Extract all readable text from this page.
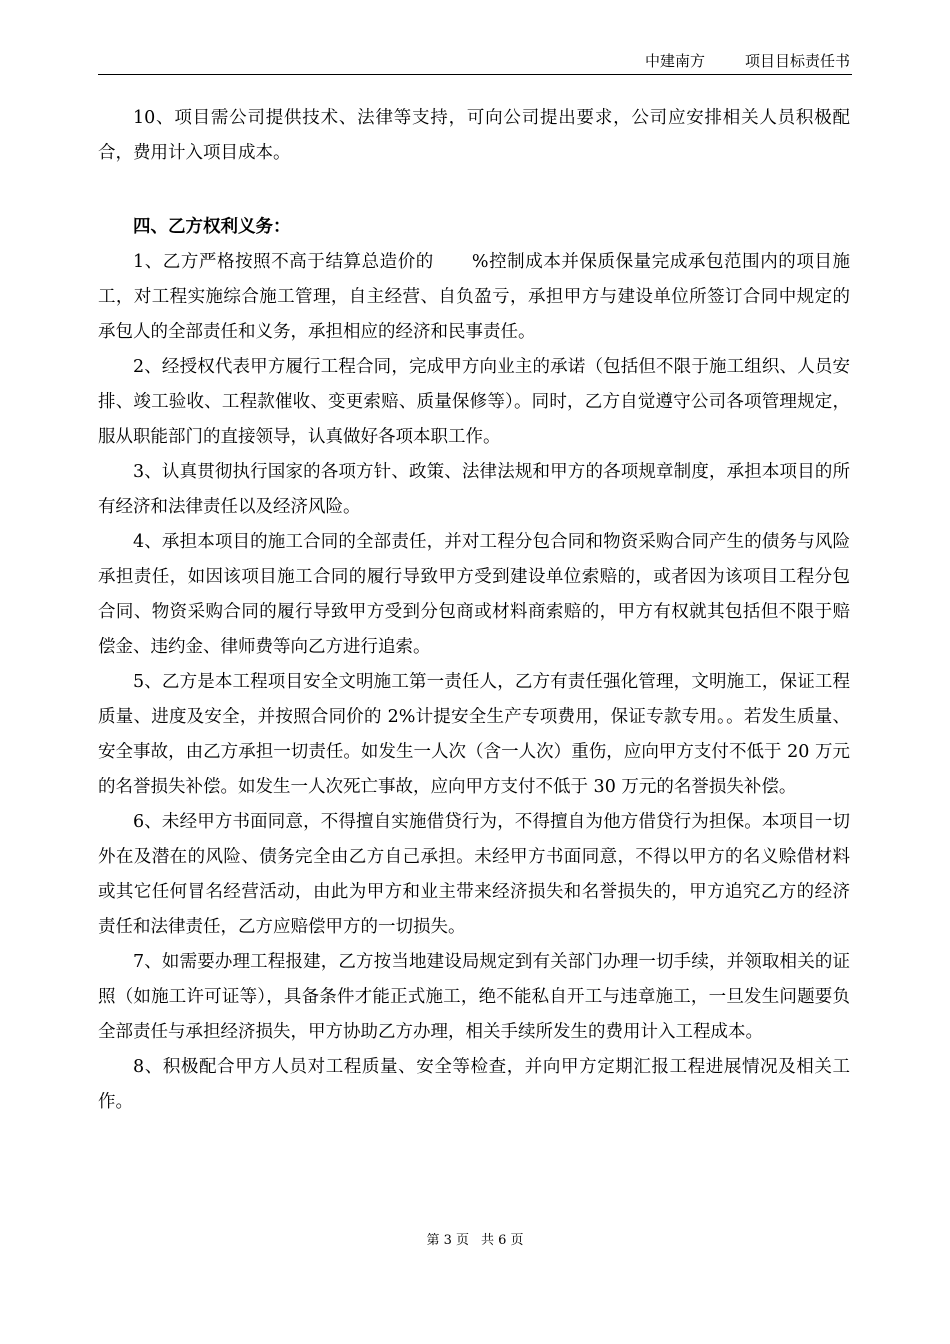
中建南方	项目目标责任书

10、项目需公司提供技术、法律等支持，可向公司提出要求，公司应安排相关人员积极配合，费用计入项目成本。

四、乙方权利义务：

1、乙方严格按照不高于结算总造价的 %控制成本并保质保量完成承包范围内的项目施工，对工程实施综合施工管理，自主经营、自负盈亏，承担甲方与建设单位所签订合同中规定的承包人的全部责任和义务，承担相应的经济和民事责任。

2、经授权代表甲方履行工程合同，完成甲方向业主的承诺（包括但不限于施工组织、人员安排、竣工验收、工程款催收、变更索赔、质量保修等）。同时，乙方自觉遵守公司各项管理规定，服从职能部门的直接领导，认真做好各项本职工作。

3、认真贯彻执行国家的各项方针、政策、法律法规和甲方的各项规章制度，承担本项目的所有经济和法律责任以及经济风险。

4、承担本项目的施工合同的全部责任，并对工程分包合同和物资采购合同产生的债务与风险承担责任，如因该项目施工合同的履行导致甲方受到建设单位索赔的，或者因为该项目工程分包合同、物资采购合同的履行导致甲方受到分包商或材料商索赔的，甲方有权就其包括但不限于赔偿金、违约金、律师费等向乙方进行追索。

5、乙方是本工程项目安全文明施工第一责任人，乙方有责任强化管理，文明施工，保证工程质量、进度及安全，并按照合同价的 2%计提安全生产专项费用，保证专款专用。。若发生质量、安全事故，由乙方承担一切责任。如发生一人次（含一人次）重伤，应向甲方支付不低于 20 万元的名誉损失补偿。如发生一人次死亡事故，应向甲方支付不低于 30 万元的名誉损失补偿。

6、未经甲方书面同意，不得擅自实施借贷行为，不得擅自为他方借贷行为担保。本项目一切外在及潜在的风险、债务完全由乙方自己承担。未经甲方书面同意，不得以甲方的名义赊借材料或其它任何冒名经营活动，由此为甲方和业主带来经济损失和名誉损失的，甲方追究乙方的经济责任和法律责任，乙方应赔偿甲方的一切损失。

7、如需要办理工程报建，乙方按当地建设局规定到有关部门办理一切手续，并领取相关的证照（如施工许可证等），具备条件才能正式施工，绝不能私自开工与违章施工，一旦发生问题要负全部责任与承担经济损失，甲方协助乙方办理，相关手续所发生的费用计入工程成本。

8、积极配合甲方人员对工程质量、安全等检查，并向甲方定期汇报工程进展情况及相关工作。

第 3 页 共 6 页
